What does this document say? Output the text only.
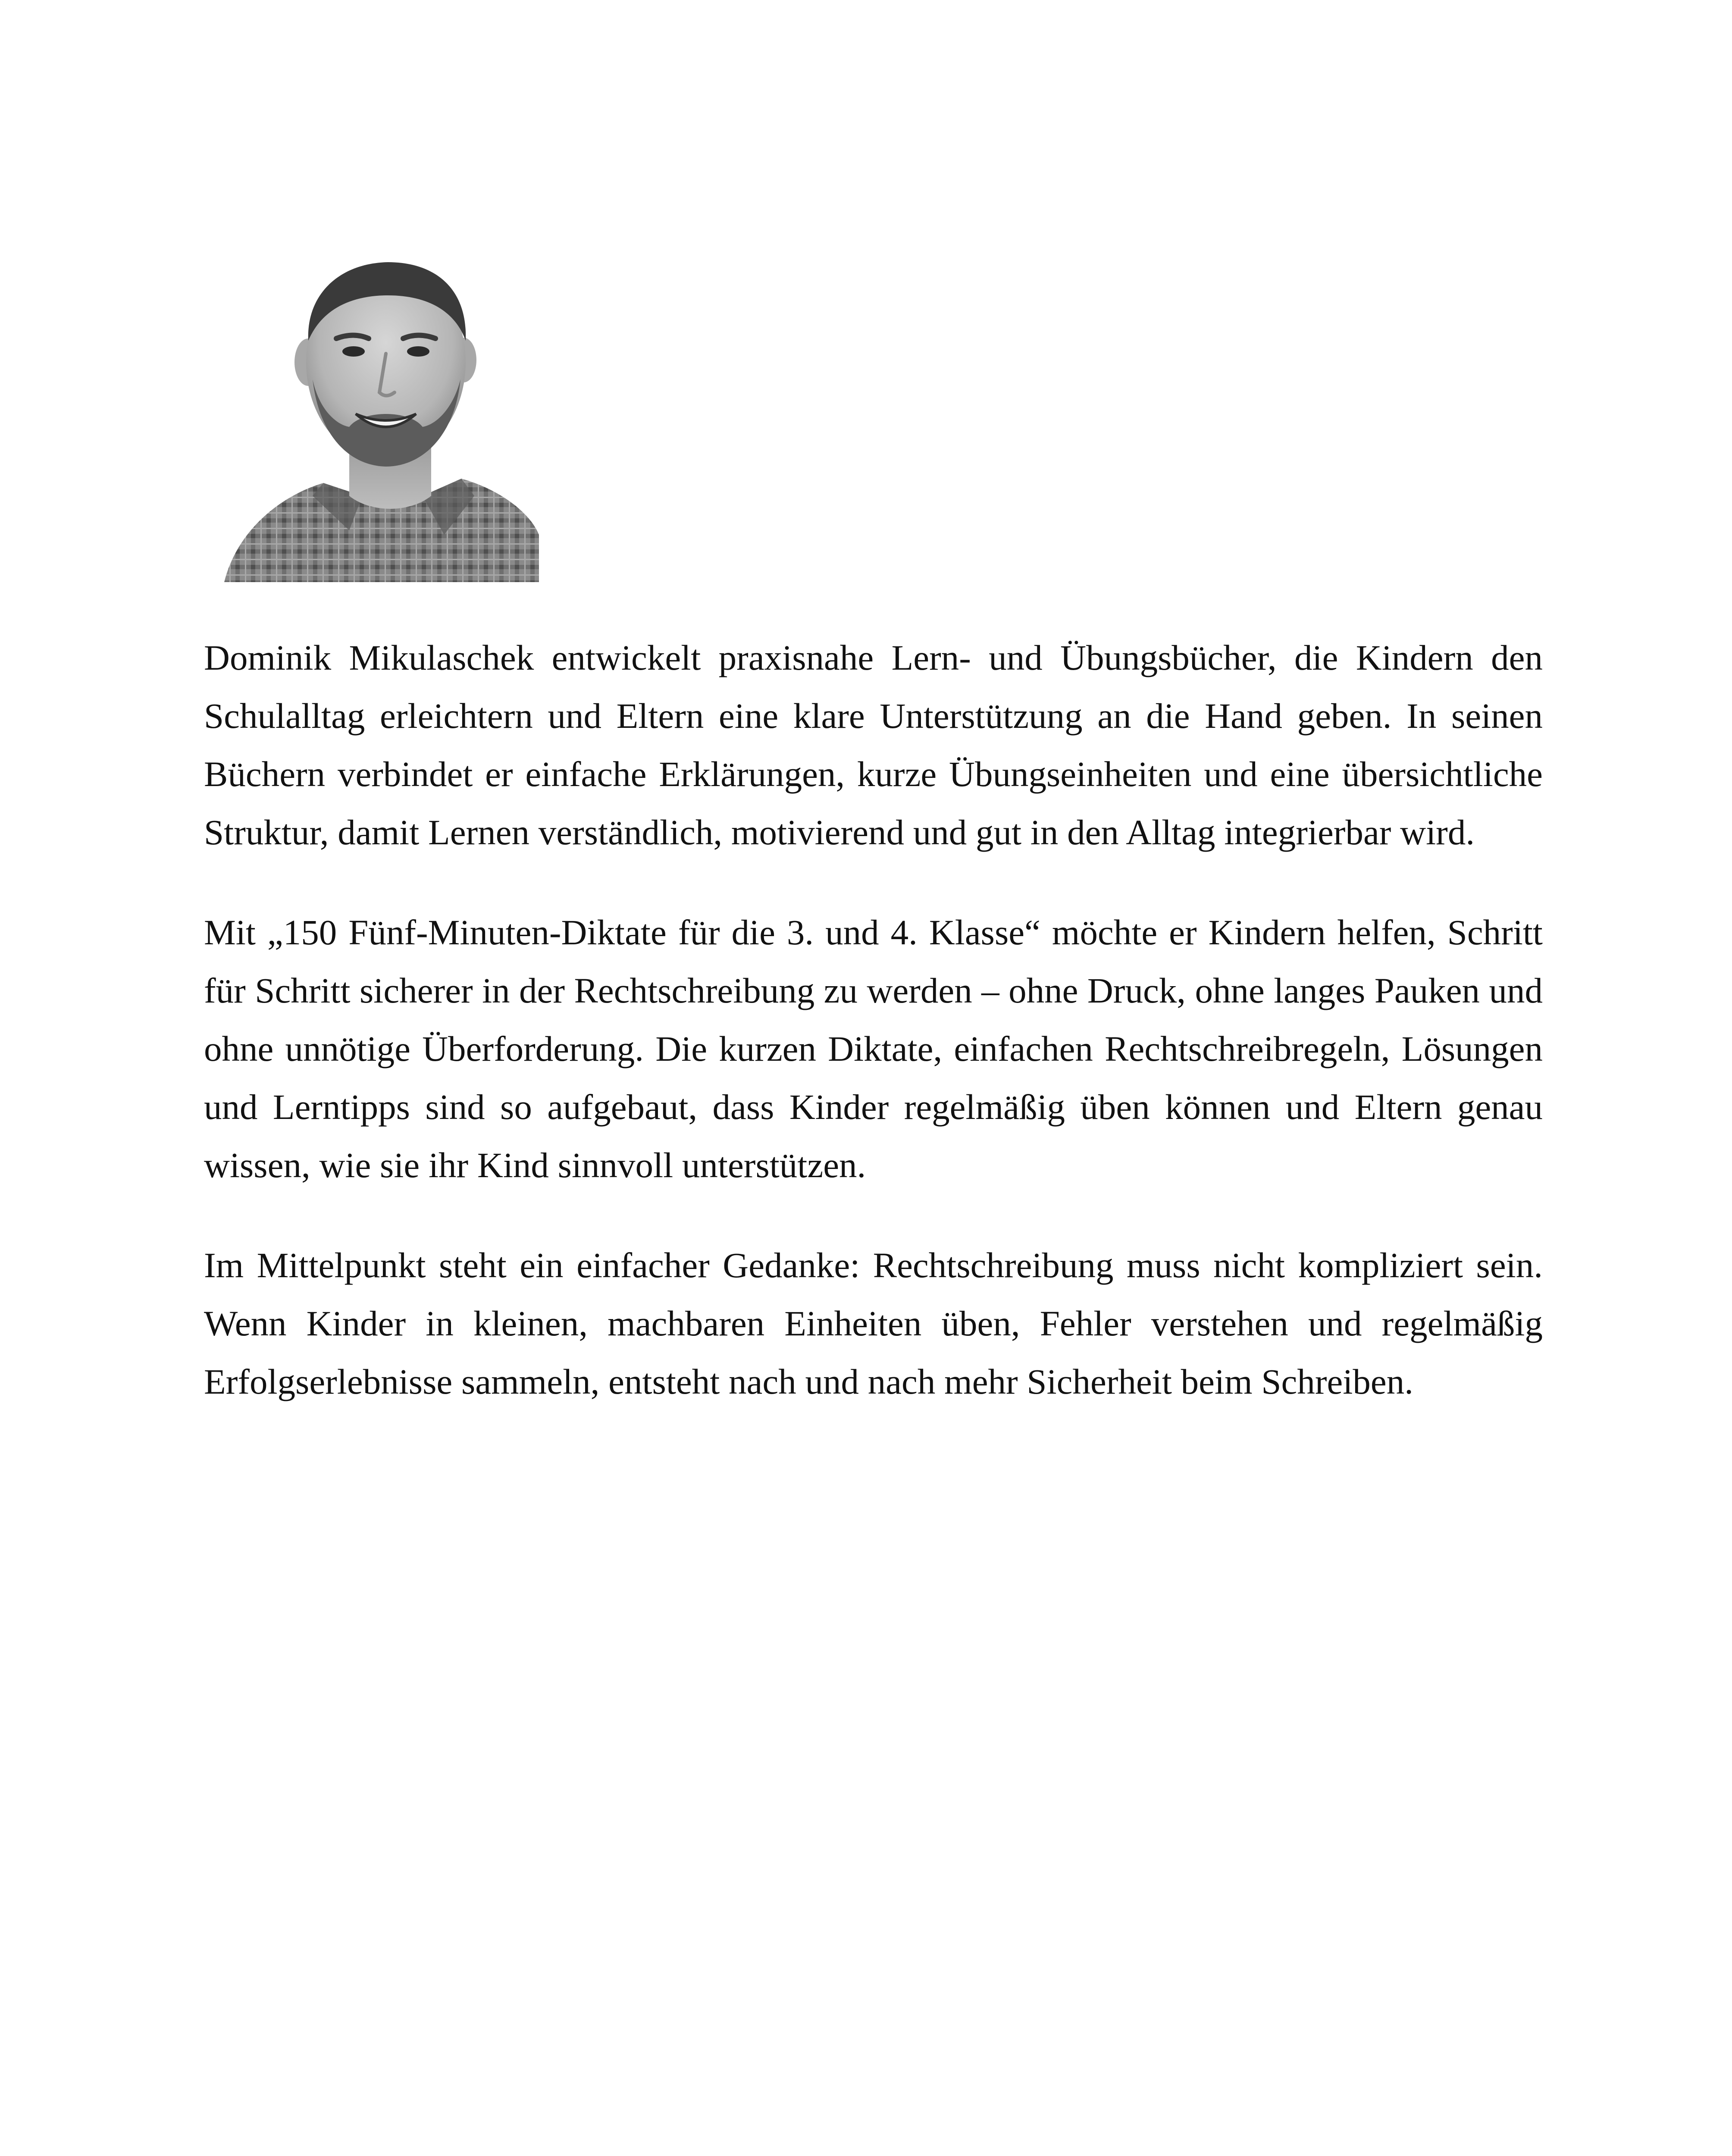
Dominik Mikulaschek entwickelt praxisnahe Lern- und Übungsbücher, die Kindern den Schulalltag erleichtern und Eltern eine klare Unterstützung an die Hand geben. In seinen Büchern verbindet er einfache Erklärungen, kurze Übungseinheiten und eine übersichtliche Struktur, damit Lernen verständlich, motivierend und gut in den Alltag integrierbar wird.

Mit „150 Fünf-Minuten-Diktate für die 3. und 4. Klasse“ möchte er Kindern helfen, Schritt für Schritt sicherer in der Rechtschreibung zu werden – ohne Druck, ohne langes Pauken und ohne unnötige Überforderung. Die kurzen Diktate, einfachen Rechtschreibregeln, Lösungen und Lerntipps sind so aufgebaut, dass Kinder regelmäßig üben können und Eltern genau wissen, wie sie ihr Kind sinnvoll unterstützen.

Im Mittelpunkt steht ein einfacher Gedanke: Rechtschreibung muss nicht kompliziert sein. Wenn Kinder in kleinen, machbaren Einheiten üben, Fehler verstehen und regelmäßig Erfolgserlebnisse sammeln, entsteht nach und nach mehr Sicherheit beim Schreiben.
